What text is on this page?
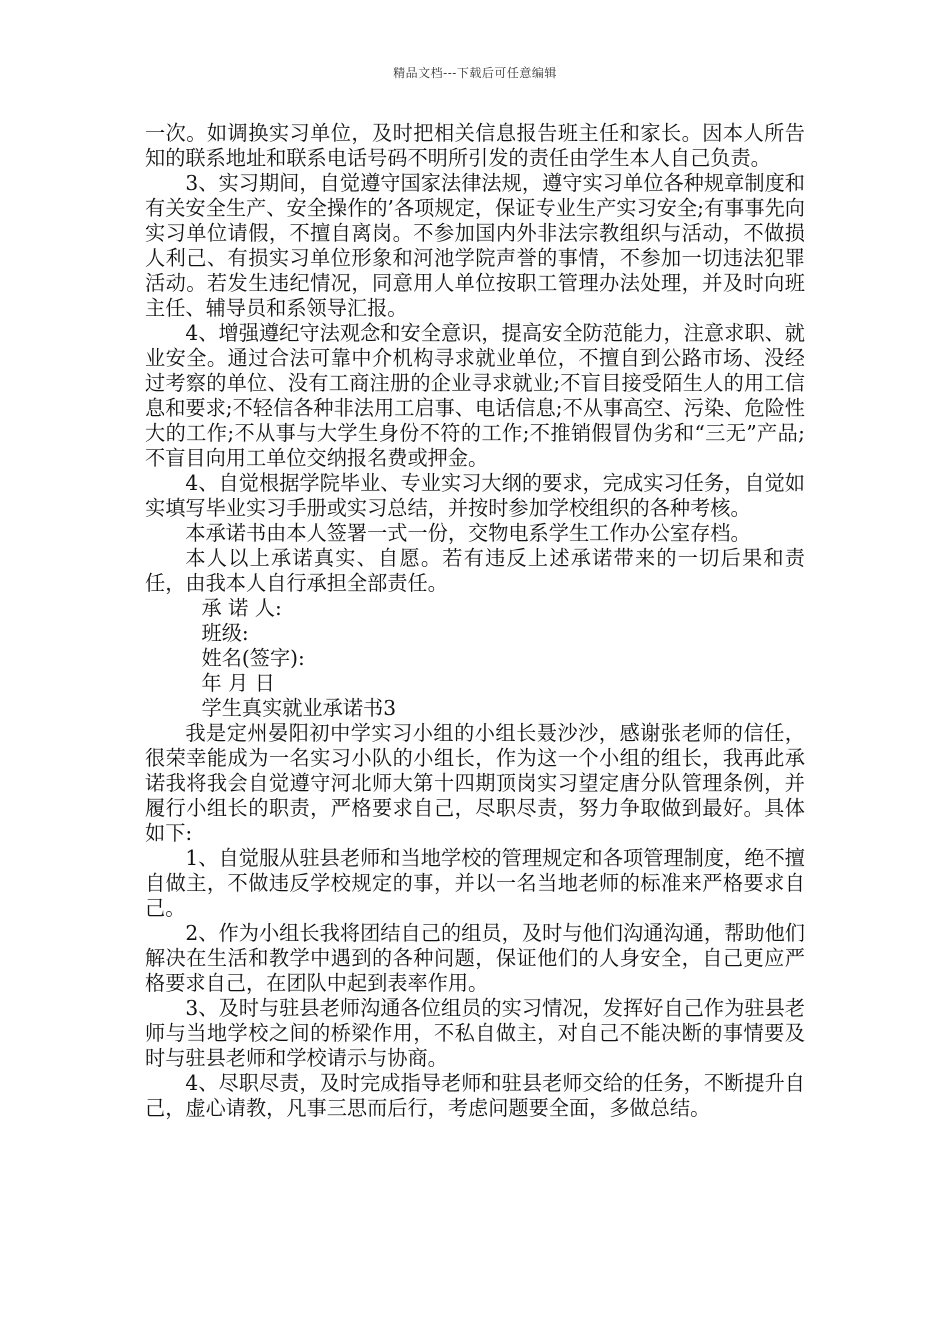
精品文档---下载后可任意编辑

一次。如调换实习单位，及时把相关信息报告班主任和家长。因本人所告知的联系地址和联系电话号码不明所引发的责任由学生本人自己负责。

3、实习期间，自觉遵守国家法律法规，遵守实习单位各种规章制度和有关安全生产、安全操作的’各项规定，保证专业生产实习安全;有事事先向实习单位请假，不擅自离岗。不参加国内外非法宗教组织与活动，不做损人利己、有损实习单位形象和河池学院声誉的事情，不参加一切违法犯罪活动。若发生违纪情况，同意用人单位按职工管理办法处理，并及时向班主任、辅导员和系领导汇报。

4、增强遵纪守法观念和安全意识，提高安全防范能力，注意求职、就业安全。通过合法可靠中介机构寻求就业单位，不擅自到公路市场、没经过考察的单位、没有工商注册的企业寻求就业;不盲目接受陌生人的用工信息和要求;不轻信各种非法用工启事、电话信息;不从事高空、污染、危险性大的工作;不从事与大学生身份不符的工作;不推销假冒伪劣和“三无”产品;不盲目向用工单位交纳报名费或押金。

4、自觉根据学院毕业、专业实习大纲的要求，完成实习任务，自觉如实填写毕业实习手册或实习总结，并按时参加学校组织的各种考核。

本承诺书由本人签署一式一份，交物电系学生工作办公室存档。

本人以上承诺真实、自愿。若有违反上述承诺带来的一切后果和责任，由我本人自行承担全部责任。

承 诺 人:

班级:

姓名(签字):

年 月 日

学生真实就业承诺书3

我是定州晏阳初中学实习小组的小组长聂沙沙，感谢张老师的信任，很荣幸能成为一名实习小队的小组长，作为这一个小组的组长，我再此承诺我将我会自觉遵守河北师大第十四期顶岗实习望定唐分队管理条例，并履行小组长的职责，严格要求自己，尽职尽责，努力争取做到最好。具体如下:

1、自觉服从驻县老师和当地学校的管理规定和各项管理制度，绝不擅自做主，不做违反学校规定的事，并以一名当地老师的标准来严格要求自己。

2、作为小组长我将团结自己的组员，及时与他们沟通沟通，帮助他们解决在生活和教学中遇到的各种问题，保证他们的人身安全，自己更应严格要求自己，在团队中起到表率作用。

3、及时与驻县老师沟通各位组员的实习情况，发挥好自己作为驻县老师与当地学校之间的桥梁作用，不私自做主，对自己不能决断的事情要及时与驻县老师和学校请示与协商。

4、尽职尽责，及时完成指导老师和驻县老师交给的任务，不断提升自己，虚心请教，凡事三思而后行，考虑问题要全面，多做总结。
